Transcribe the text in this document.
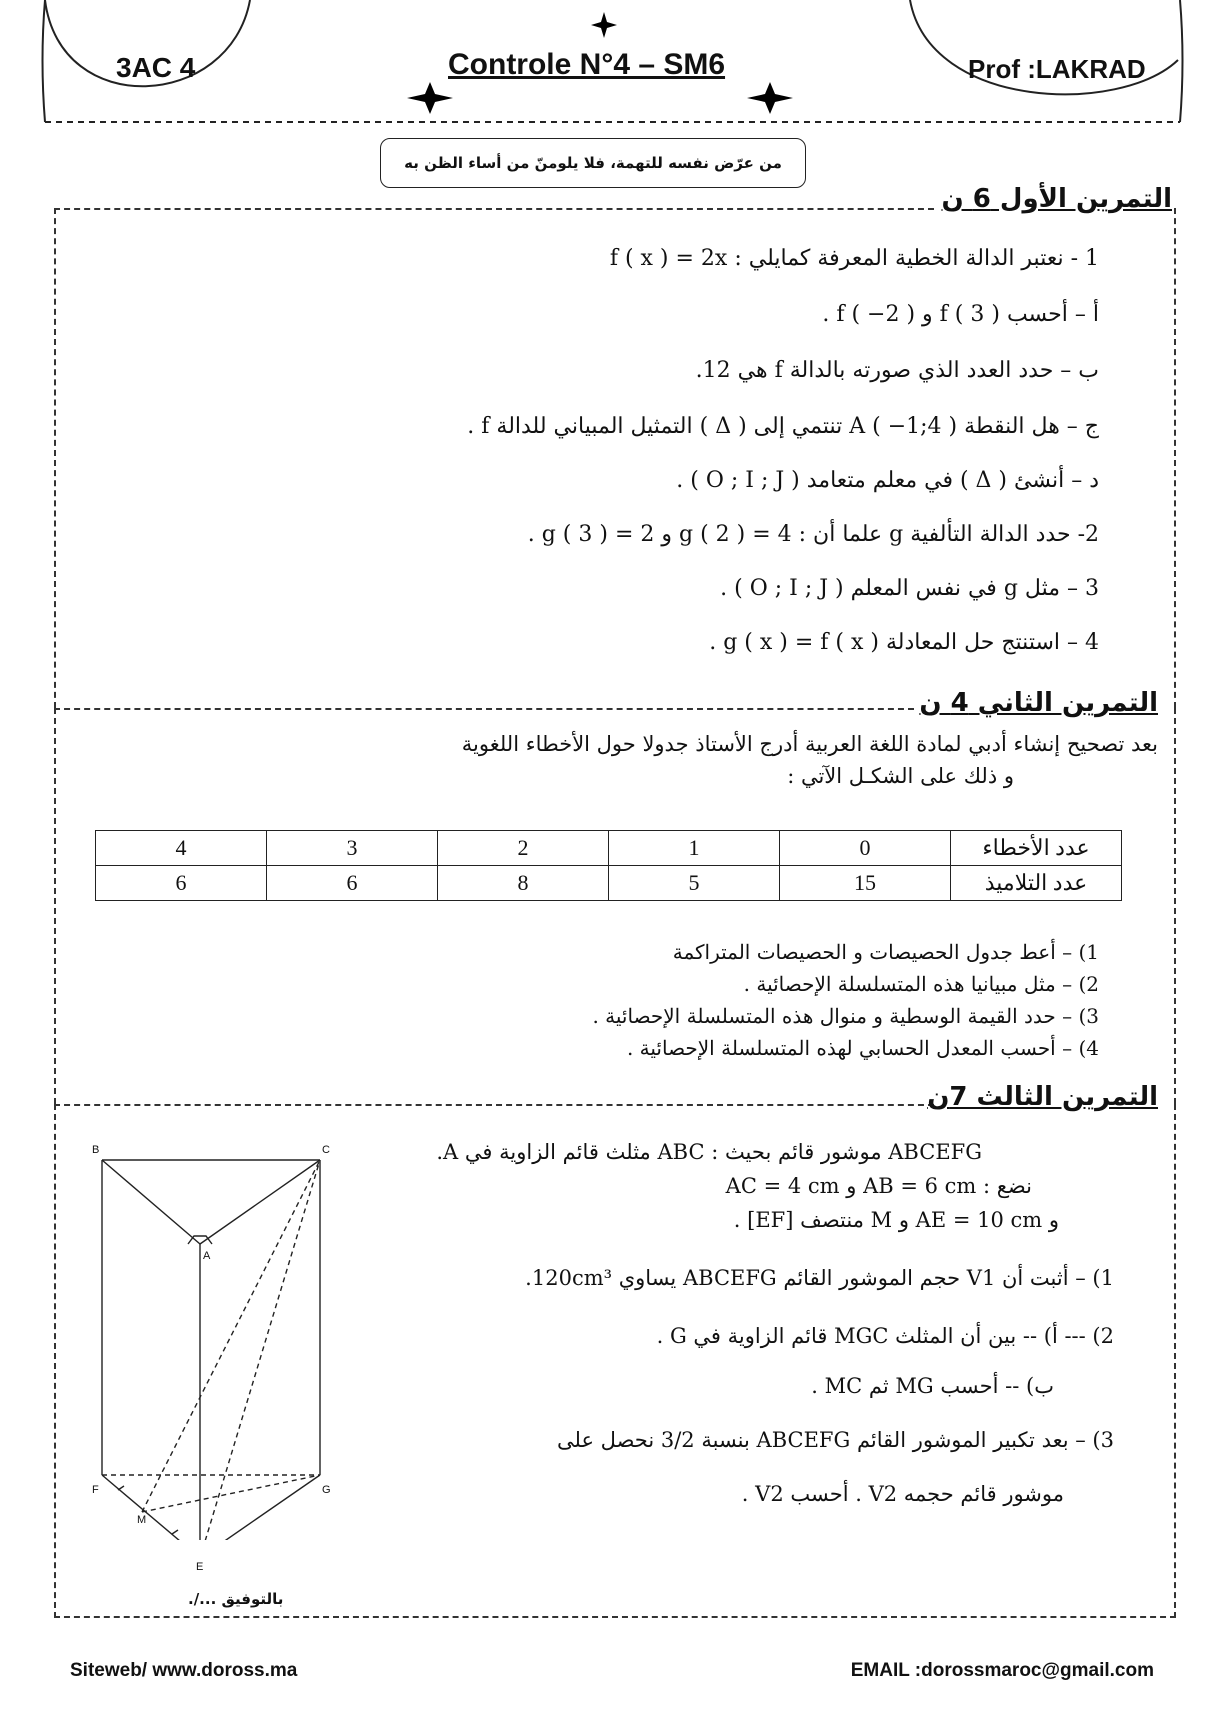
3AC 4	Controle N°4 – SM6	Prof :LAKRAD
من عرّض نفسه للتهمة، فلا يلومنّ من أساء الظن به
التمرين الأول 6 ن
1 - نعتبر الدالة الخطية المعرفة كمايلي : f ( x ) = 2x
أ – أحسب f ( 3 ) و f ( −2 ) .
ب – حدد العدد الذي صورته بالدالة f هي 12.
ج – هل النقطة A ( −1;4 ) تنتمي إلى ( Δ ) التمثيل المبياني للدالة f .
د – أنشئ ( Δ ) في معلم متعامد ( O ; I ; J ) .
2- حدد الدالة التألفية g علما أن : g ( 2 ) = 4 و g ( 3 ) = 2 .
3 – مثل g في نفس المعلم ( O ; I ; J ) .
4 – استنتج حل المعادلة g ( x ) = f ( x ) .
التمرين الثاني 4 ن
بعد تصحيح إنشاء أدبي لمادة اللغة العربية أدرج الأستاذ جدولا حول الأخطاء اللغوية
و ذلك على الشكـل الآتي :
عدد الأخطاء	0	1	2	3	4
عدد التلاميذ	15	5	8	6	6
1) – أعط جدول الحصيصات و الحصيصات المتراكمة
2) – مثل مبيانيا هذه المتسلسلة الإحصائية .
3) – حدد القيمة الوسطية و منوال هذه المتسلسلة الإحصائية .
4) – أحسب المعدل الحسابي لهذه المتسلسلة الإحصائية .
التمرين الثالث 7ن
ABCEFG موشور قائم بحيث : ABC مثلث قائم الزاوية في A.
نضع : AB = 6 cm و AC = 4 cm
و AE = 10 cm و M منتصف [EF] .
1) – أثبت أن V1 حجم الموشور القائم ABCEFG يساوي 120cm³.
2) --- أ) -- بين أن المثلث MGC قائم الزاوية في G .
ب) -- أحسب MG ثم MC .
3) – بعد تكبير الموشور القائم ABCEFG بنسبة 3/2 نحصل على
موشور قائم حجمه V2 . أحسب V2 .
B	C
A
F	G
M
E
بالتوفيق .../.
Siteweb/ www.doross.ma	EMAIL :dorossmaroc@gmail.com
